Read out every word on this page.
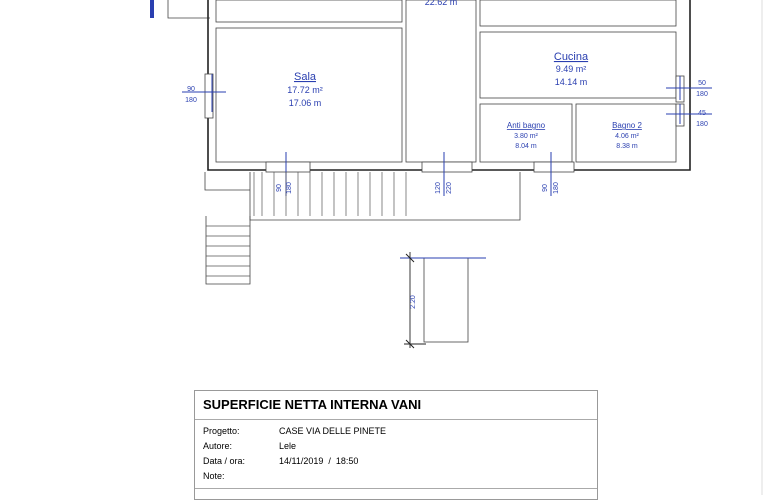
22.62 m
Sala
17.72 m²
17.06 m
Cucina
9.49 m²
14.14 m
Anti bagno
3.80 m²
8.04 m
Bagno 2
4.06 m²
8.38 m
90
180
50
180
45
180
90 180	120 220	90 180
2.20
SUPERFICIE NETTA INTERNA VANI
Progetto:	CASE VIA DELLE PINETE
Autore:	Lele
Data / ora:	14/11/2019  /  18:50
Note:
